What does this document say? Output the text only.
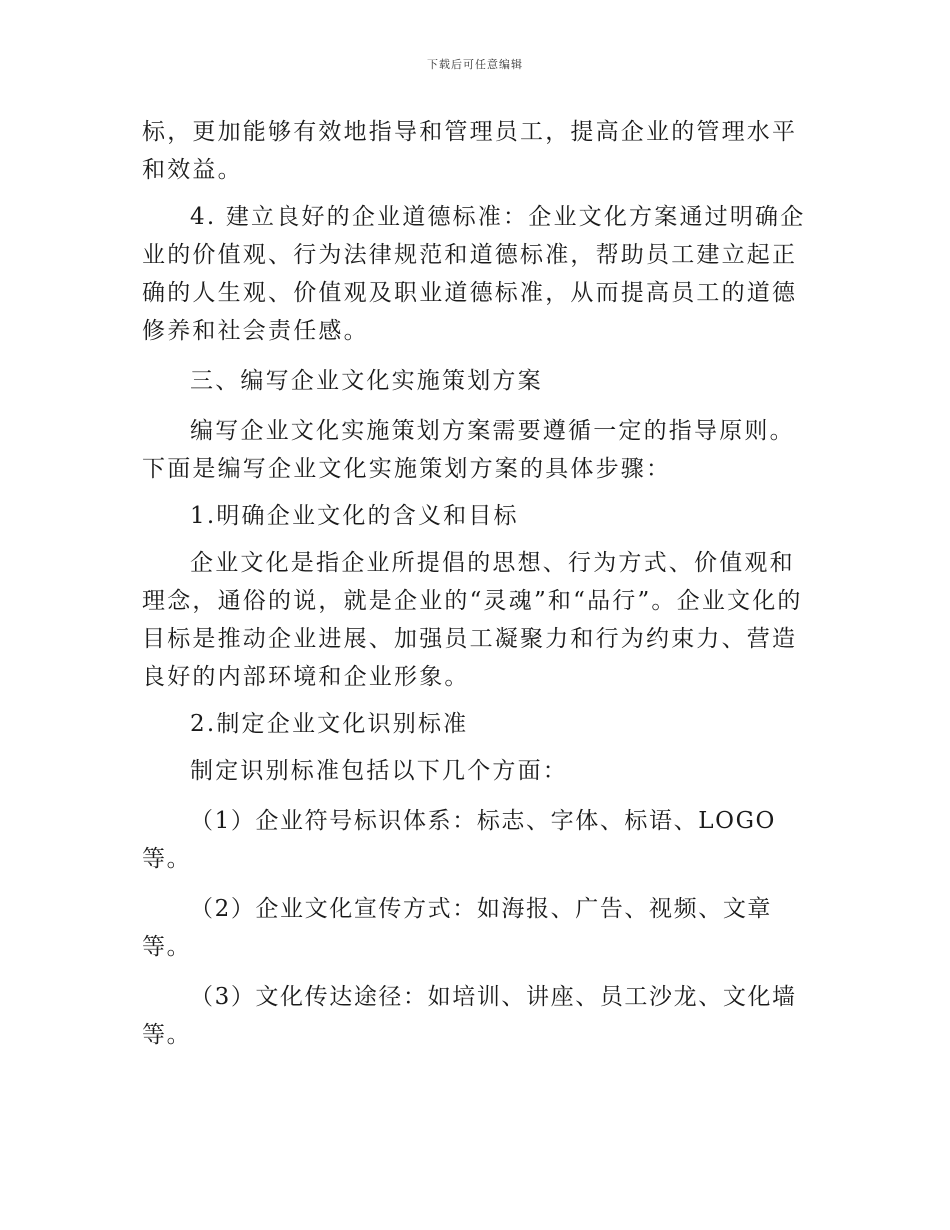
下载后可任意编辑

标，更加能够有效地指导和管理员工，提高企业的管理水平和效益。

4. 建立良好的企业道德标准：企业文化方案通过明确企业的价值观、行为法律规范和道德标准，帮助员工建立起正确的人生观、价值观及职业道德标准，从而提高员工的道德修养和社会责任感。

三、编写企业文化实施策划方案

编写企业文化实施策划方案需要遵循一定的指导原则。下面是编写企业文化实施策划方案的具体步骤：

1.明确企业文化的含义和目标

企业文化是指企业所提倡的思想、行为方式、价值观和理念，通俗的说，就是企业的“灵魂”和“品行”。企业文化的目标是推动企业进展、加强员工凝聚力和行为约束力、营造良好的内部环境和企业形象。

2.制定企业文化识别标准

制定识别标准包括以下几个方面：

（1）企业符号标识体系：标志、字体、标语、LOGO 等。

（2）企业文化宣传方式：如海报、广告、视频、文章等。

（3）文化传达途径：如培训、讲座、员工沙龙、文化墙等。
